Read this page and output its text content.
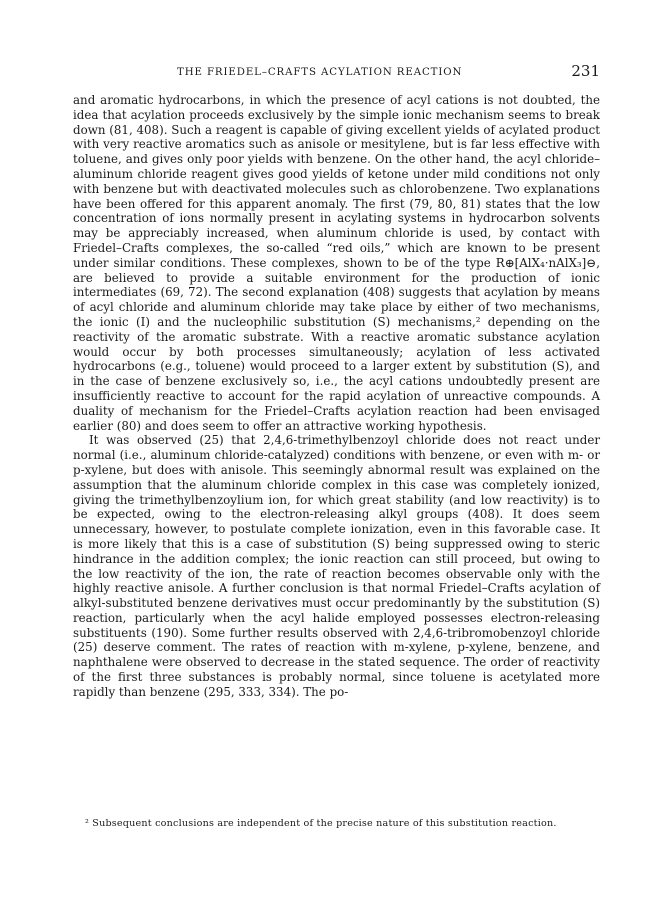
THE FRIEDEL–CRAFTS ACYLATION REACTION	231

and aromatic hydrocarbons, in which the presence of acyl cations is not doubted, the idea that acylation proceeds exclusively by the simple ionic mechanism seems to break down (81, 408). Such a reagent is capable of giving excellent yields of acylated product with very reactive aromatics such as anisole or mesitylene, but is far less effective with toluene, and gives only poor yields with benzene. On the other hand, the acyl chloride–aluminum chloride reagent gives good yields of ketone under mild conditions not only with benzene but with deactivated molecules such as chlorobenzene. Two explanations have been offered for this apparent anomaly. The first (79, 80, 81) states that the low concentration of ions normally present in acylating systems in hydrocarbon solvents may be appreciably increased, when aluminum chloride is used, by contact with Friedel–Crafts complexes, the so-called “red oils,” which are known to be present under similar conditions. These complexes, shown to be of the type R⊕[AlX₄·nAlX₃]⊖, are believed to provide a suitable environment for the production of ionic intermediates (69, 72). The second explanation (408) suggests that acylation by means of acyl chloride and aluminum chloride may take place by either of two mechanisms, the ionic (I) and the nucleophilic substitution (S) mechanisms,² depending on the reactivity of the aromatic substrate. With a reactive aromatic substance acylation would occur by both processes simultaneously; acylation of less activated hydrocarbons (e.g., toluene) would proceed to a larger extent by substitution (S), and in the case of benzene exclusively so, i.e., the acyl cations undoubtedly present are insufficiently reactive to account for the rapid acylation of unreactive compounds. A duality of mechanism for the Friedel–Crafts acylation reaction had been envisaged earlier (80) and does seem to offer an attractive working hypothesis.

It was observed (25) that 2,4,6-trimethylbenzoyl chloride does not react under normal (i.e., aluminum chloride-catalyzed) conditions with benzene, or even with m- or p-xylene, but does with anisole. This seemingly abnormal result was explained on the assumption that the aluminum chloride complex in this case was completely ionized, giving the trimethylbenzoylium ion, for which great stability (and low reactivity) is to be expected, owing to the electron-releasing alkyl groups (408). It does seem unnecessary, however, to postulate complete ionization, even in this favorable case. It is more likely that this is a case of substitution (S) being suppressed owing to steric hindrance in the addition complex; the ionic reaction can still proceed, but owing to the low reactivity of the ion, the rate of reaction becomes observable only with the highly reactive anisole. A further conclusion is that normal Friedel–Crafts acylation of alkyl-substituted benzene derivatives must occur predominantly by the substitution (S) reaction, particularly when the acyl halide employed possesses electron-releasing substituents (190). Some further results observed with 2,4,6-tribromobenzoyl chloride (25) deserve comment. The rates of reaction with m-xylene, p-xylene, benzene, and naphthalene were observed to decrease in the stated sequence. The order of reactivity of the first three substances is probably normal, since toluene is acetylated more rapidly than benzene (295, 333, 334). The po-

² Subsequent conclusions are independent of the precise nature of this substitution reaction.
